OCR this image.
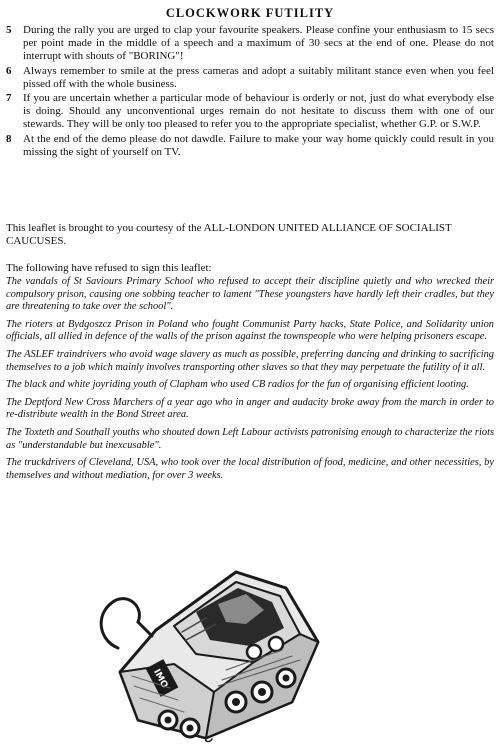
CLOCKWORK FUTILITY
5	During the rally you are urged to clap your favourite speakers. Please confine your enthusiasm to 15 secs per point made in the middle of a speech and a maximum of 30 secs at the end of one. Please do not interrupt with shouts of "BORING"!
6	Always remember to smile at the press cameras and adopt a suitably militant stance even when you feel pissed off with the whole business.
7	If you are uncertain whether a particular mode of behaviour is orderly or not, just do what everybody else is doing. Should any unconventional urges remain do not hesitate to discuss them with one of our stewards. They will be only too pleased to refer you to the appropriate specialist, whether G.P. or S.W.P.
8	At the end of the demo please do not dawdle. Failure to make your way home quickly could result in you missing the sight of yourself on TV.
This leaflet is brought to you courtesy of the ALL-LONDON UNITED ALLIANCE OF SOCIALIST CAUCUSES.
The following have refused to sign this leaflet:

The vandals of St Saviours Primary School who refused to accept their discipline quietly and who wrecked their compulsory prison, causing one sobbing teacher to lament "These youngsters have hardly left their cradles, but they are threatening to take over the school".

The rioters at Bydgoszcz Prison in Poland who fought Communist Party hacks, State Police, and Solidarity union officials, all allied in defence of the walls of the prison against the townspeople who were helping prisoners escape.

The ASLEF traindrivers who avoid wage slavery as much as possible, preferring dancing and drinking to sacrificing themselves to a job which mainly involves transporting other slaves so that they may perpetuate the futility of it all.

The black and white joyriding youth of Clapham who used CB radios for the fun of organising efficient looting.

The Deptford New Cross Marchers of a year ago who in anger and audacity broke away from the march in order to re-distribute wealth in the Bond Street area.

The Toxteth and Southall youths who shouted down Left Labour activists patronising enough to characterize the riots as "understandable but inexcusable".

The truckdrivers of Cleveland, USA, who took over the local distribution of food, medicine, and other necessities, by themselves and without mediation, for over 3 weeks.

IMO
